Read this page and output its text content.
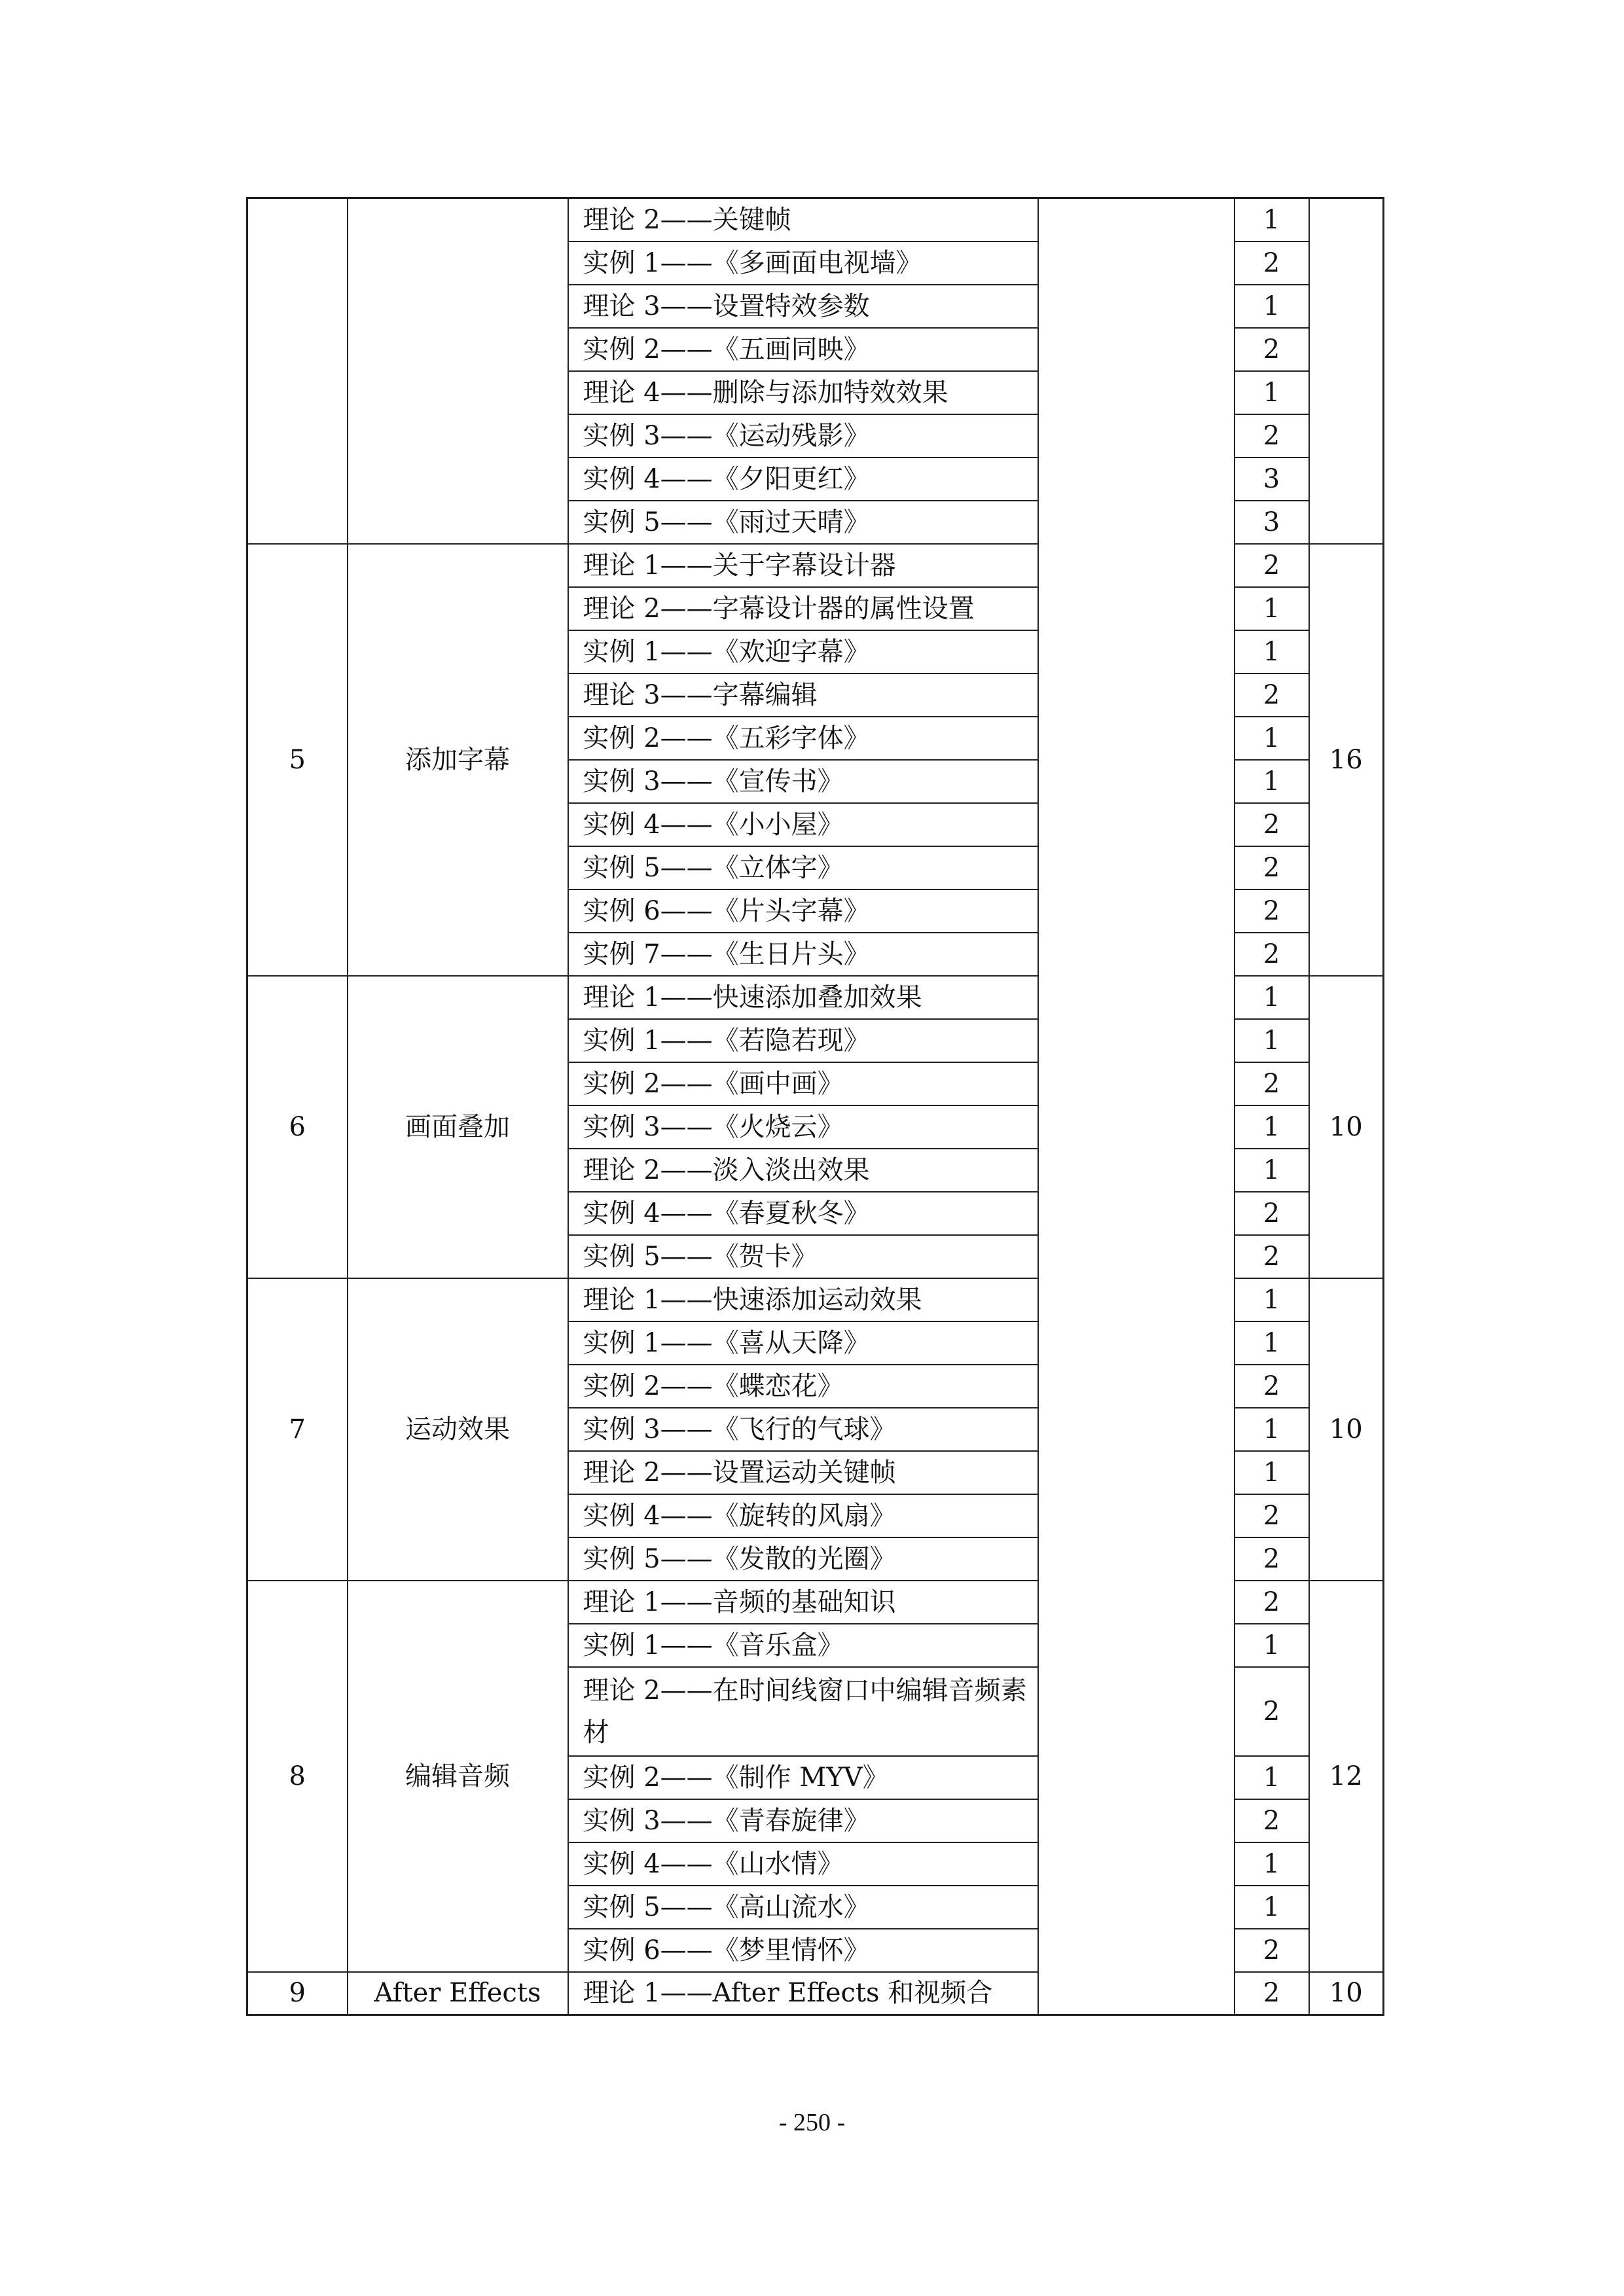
		理论 2——关键帧		1	
		实例 1——《多画面电视墙》		2	
		理论 3——设置特效参数		1	
		实例 2——《五画同映》		2	
		理论 4——删除与添加特效效果		1	
		实例 3——《运动残影》		2	
		实例 4——《夕阳更红》		3	
		实例 5——《雨过天晴》		3	
5	添加字幕	理论 1——关于字幕设计器		2	16
		理论 2——字幕设计器的属性设置		1	
		实例 1——《欢迎字幕》		1	
		理论 3——字幕编辑		2	
		实例 2——《五彩字体》		1	
		实例 3——《宣传书》		1	
		实例 4——《小小屋》		2	
		实例 5——《立体字》		2	
		实例 6——《片头字幕》		2	
		实例 7——《生日片头》		2	
6	画面叠加	理论 1——快速添加叠加效果		1	10
		实例 1——《若隐若现》		1	
		实例 2——《画中画》		2	
		实例 3——《火烧云》		1	
		理论 2——淡入淡出效果		1	
		实例 4——《春夏秋冬》		2	
		实例 5——《贺卡》		2	
7	运动效果	理论 1——快速添加运动效果		1	10
		实例 1——《喜从天降》		1	
		实例 2——《蝶恋花》		2	
		实例 3——《飞行的气球》		1	
		理论 2——设置运动关键帧		1	
		实例 4——《旋转的风扇》		2	
		实例 5——《发散的光圈》		2	
8	编辑音频	理论 1——音频的基础知识		2	12
		实例 1——《音乐盒》		1	
		理论 2——在时间线窗口中编辑音频素材		2	
		实例 2——《制作 MYV》		1	
		实例 3——《青春旋律》		2	
		实例 4——《山水情》		1	
		实例 5——《高山流水》		1	
		实例 6——《梦里情怀》		2	
9	After Effects	理论 1——After Effects 和视频合		2	10
- 250 -
